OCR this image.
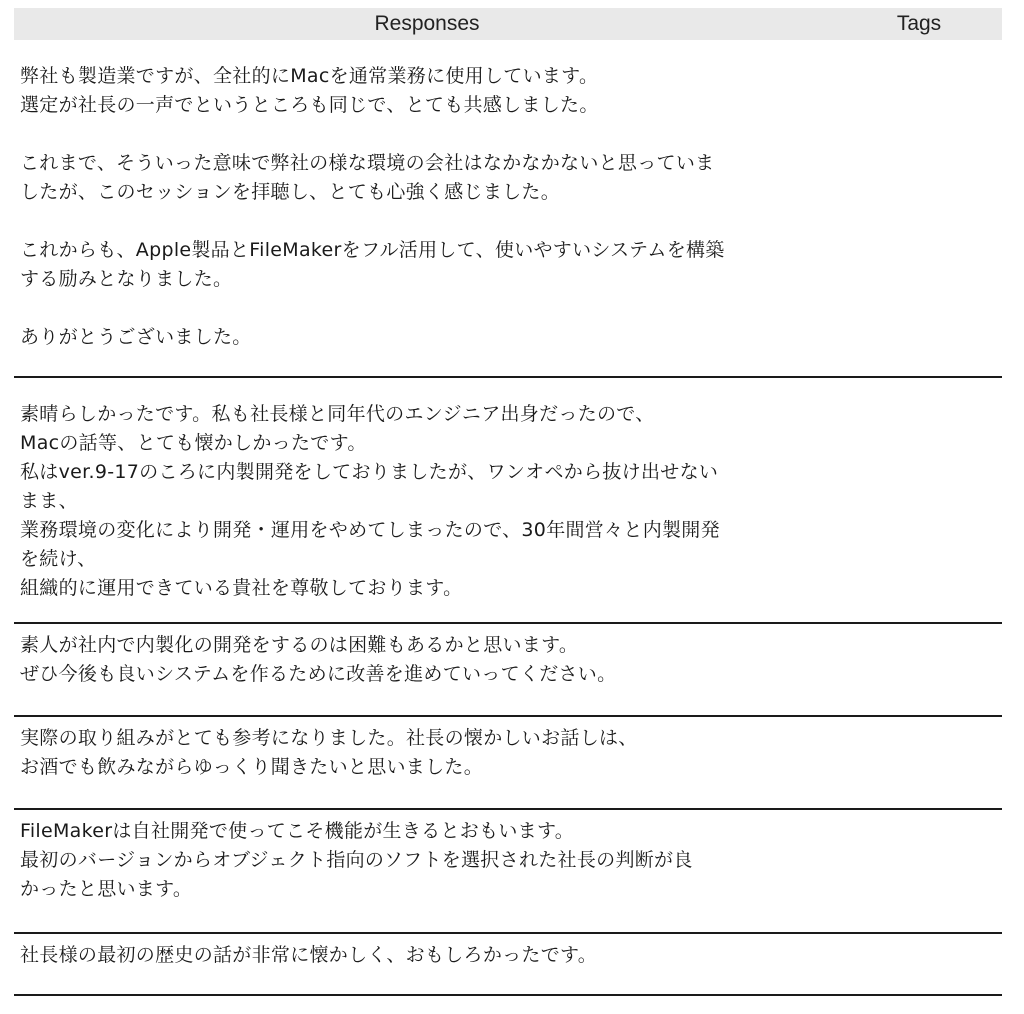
Responses	Tags
弊社も製造業ですが、全社的にMacを通常業務に使用しています。
選定が社長の一声でというところも同じで、とても共感しました。

これまで、そういった意味で弊社の様な環境の会社はなかなかないと思っていま
したが、このセッションを拝聴し、とても心強く感じました。

これからも、Apple製品とFileMakerをフル活用して、使いやすいシステムを構築
する励みとなりました。

ありがとうございました。
素晴らしかったです。私も社長様と同年代のエンジニア出身だったので、
Macの話等、とても懐かしかったです。
私はver.9-17のころに内製開発をしておりましたが、ワンオペから抜け出せない
まま、
業務環境の変化により開発・運用をやめてしまったので、30年間営々と内製開発
を続け、
組織的に運用できている貴社を尊敬しております。
素人が社内で内製化の開発をするのは困難もあるかと思います。
ぜひ今後も良いシステムを作るために改善を進めていってください。
実際の取り組みがとても参考になりました。社長の懐かしいお話しは、
お酒でも飲みながらゆっくり聞きたいと思いました。
FileMakerは自社開発で使ってこそ機能が生きるとおもいます。
最初のバージョンからオブジェクト指向のソフトを選択された社長の判断が良
かったと思います。
社長様の最初の歴史の話が非常に懐かしく、おもしろかったです。
